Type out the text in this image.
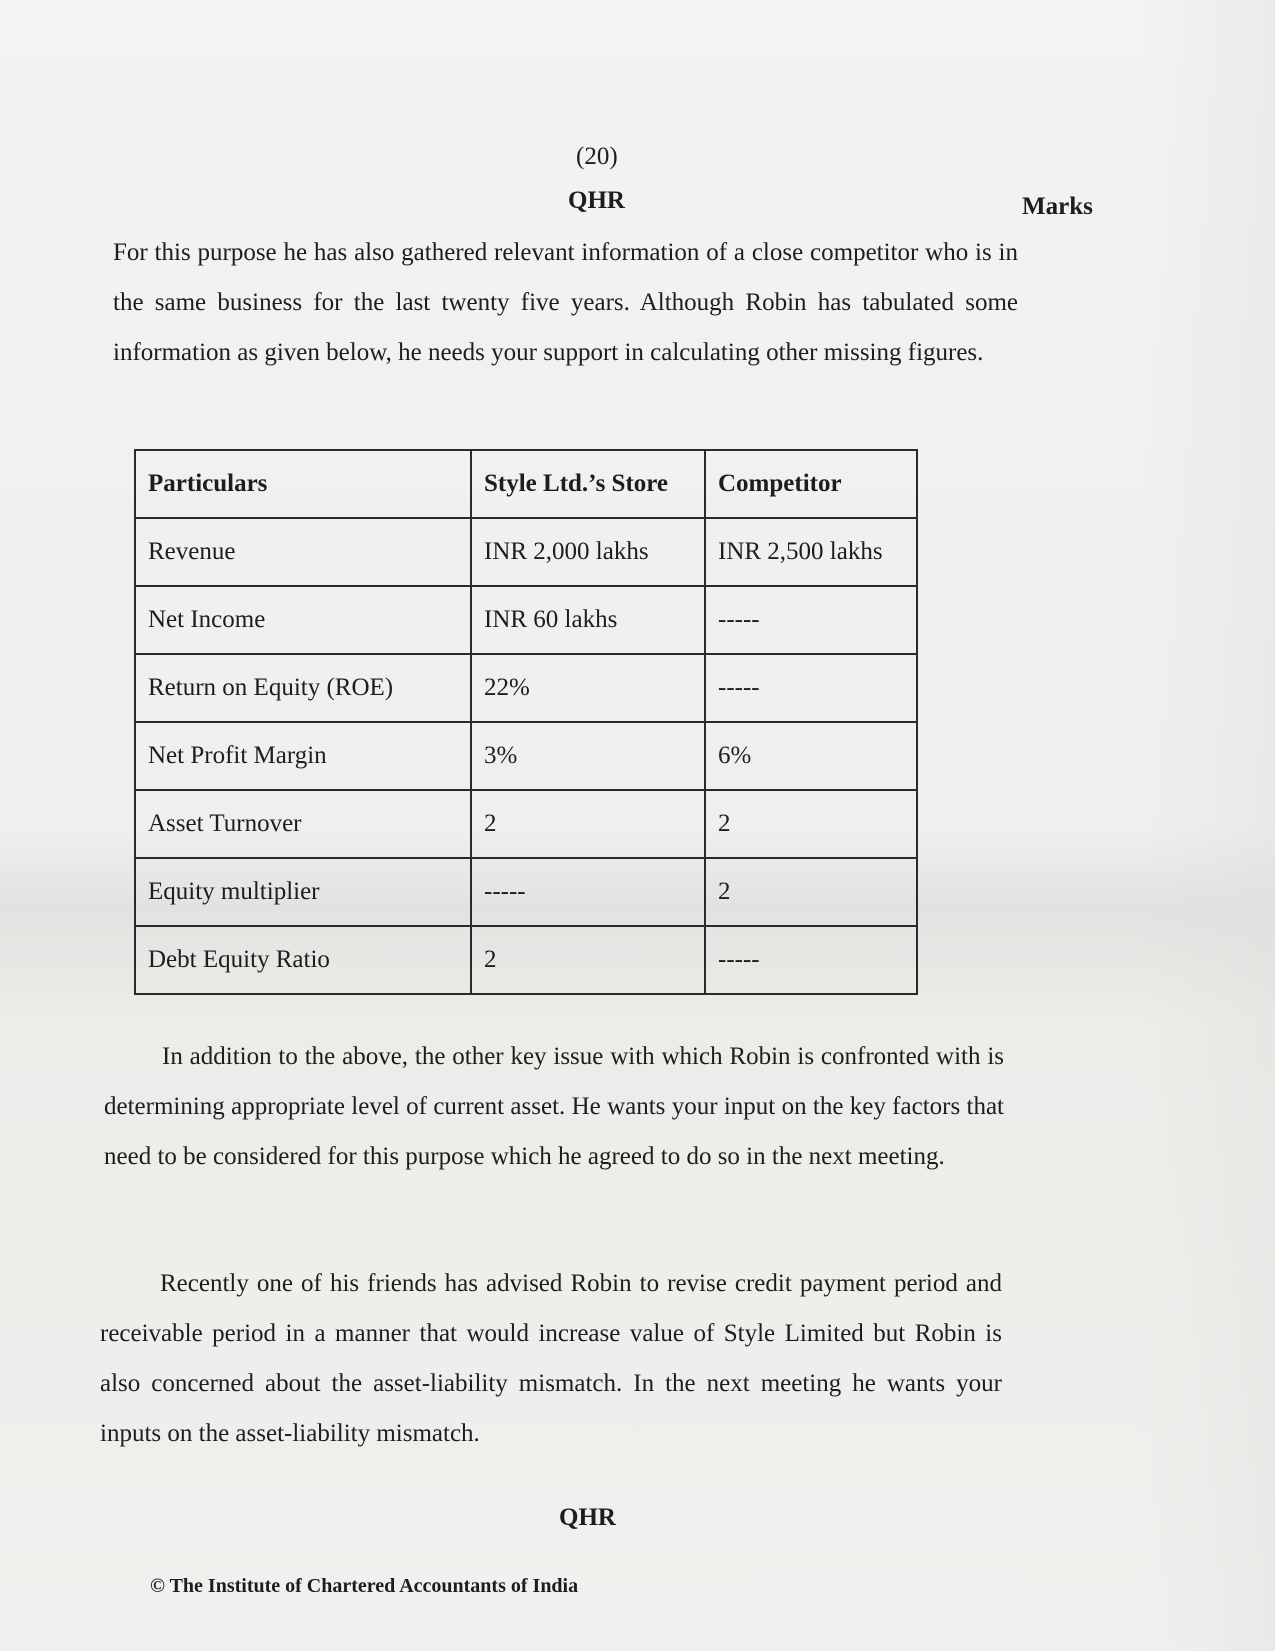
(20)
QHR	Marks

For this purpose he has also gathered relevant information of a close competitor who is in the same business for the last twenty five years. Although Robin has tabulated some information as given below, he needs your support in calculating other missing figures.

Particulars	Style Ltd.’s Store	Competitor
Revenue	INR 2,000 lakhs	INR 2,500 lakhs
Net Income	INR 60 lakhs	-----
Return on Equity (ROE)	22%	-----
Net Profit Margin	3%	6%
Asset Turnover	2	2
Equity multiplier	-----	2
Debt Equity Ratio	2	-----

In addition to the above, the other key issue with which Robin is confronted with is determining appropriate level of current asset. He wants your input on the key factors that need to be considered for this purpose which he agreed to do so in the next meeting.

Recently one of his friends has advised Robin to revise credit payment period and receivable period in a manner that would increase value of Style Limited but Robin is also concerned about the asset-liability mismatch. In the next meeting he wants your inputs on the asset-liability mismatch.

QHR
© The Institute of Chartered Accountants of India
